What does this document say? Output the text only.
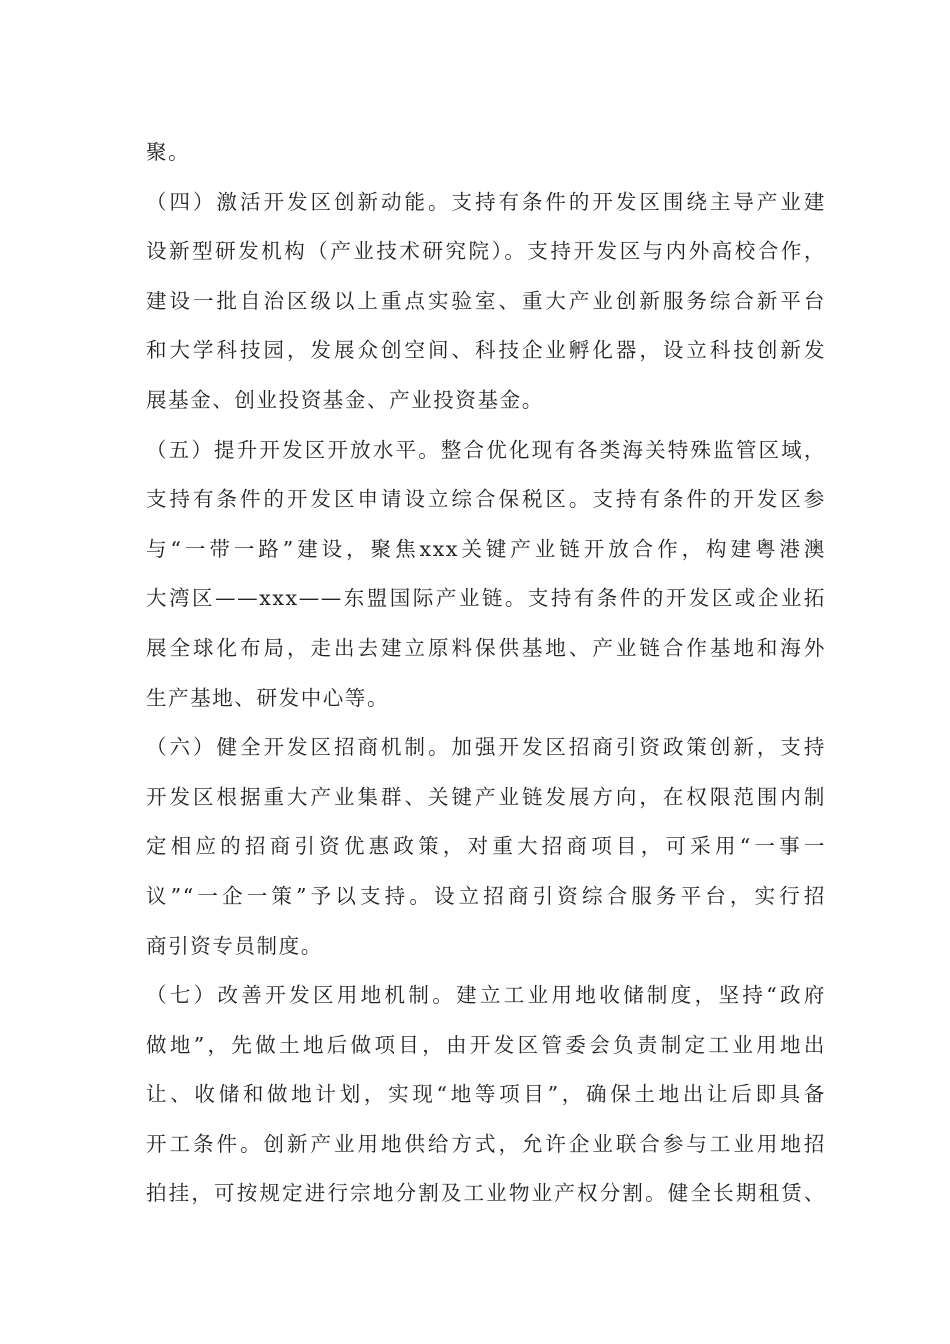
聚。
（四）激活开发区创新动能。支持有条件的开发区围绕主导产业建
设新型研发机构（产业技术研究院）。支持开发区与内外高校合作，
建设一批自治区级以上重点实验室、重大产业创新服务综合新平台
和大学科技园，发展众创空间、科技企业孵化器，设立科技创新发
展基金、创业投资基金、产业投资基金。
（五）提升开发区开放水平。整合优化现有各类海关特殊监管区域，
支持有条件的开发区申请设立综合保税区。支持有条件的开发区参
与“一带一路”建设，聚焦xxx关键产业链开放合作，构建粤港澳
大湾区——xxx——东盟国际产业链。支持有条件的开发区或企业拓
展全球化布局，走出去建立原料保供基地、产业链合作基地和海外
生产基地、研发中心等。
（六）健全开发区招商机制。加强开发区招商引资政策创新，支持
开发区根据重大产业集群、关键产业链发展方向，在权限范围内制
定相应的招商引资优惠政策，对重大招商项目，可采用“一事一
议”“一企一策”予以支持。设立招商引资综合服务平台，实行招
商引资专员制度。
（七）改善开发区用地机制。建立工业用地收储制度，坚持“政府
做地”，先做土地后做项目，由开发区管委会负责制定工业用地出
让、收储和做地计划，实现“地等项目”，确保土地出让后即具备
开工条件。创新产业用地供给方式，允许企业联合参与工业用地招
拍挂，可按规定进行宗地分割及工业物业产权分割。健全长期租赁、
